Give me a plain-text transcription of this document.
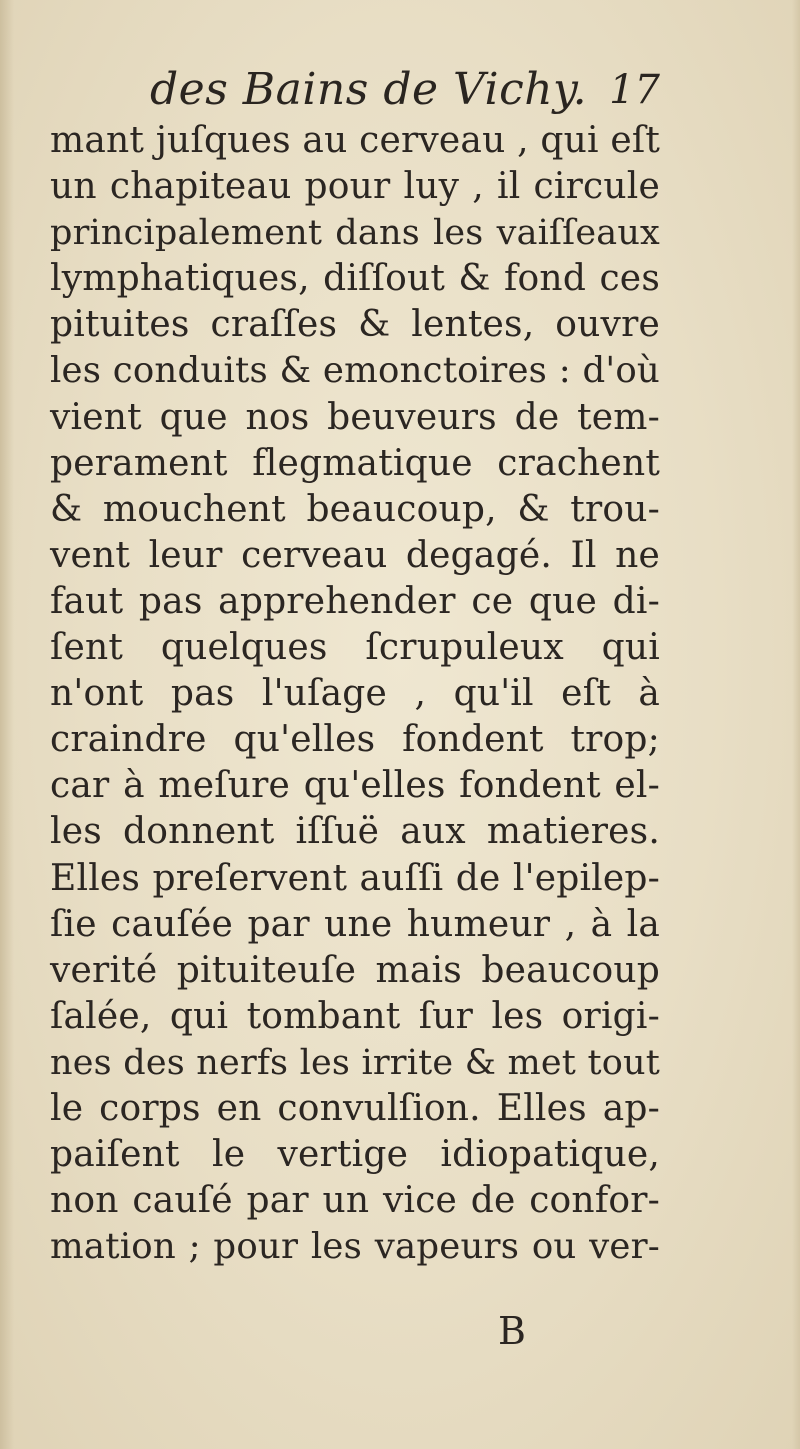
des Bains de Vichy. 17
mant juſques au cerveau , qui eſt
un chapiteau pour luy , il circule
principalement dans les vaiſſeaux
lymphatiques, diſſout & fond ces
pituites craſſes & lentes, ouvre
les conduits & emonctoires : d'où
vient que nos beuveurs de tem-
perament flegmatique crachent
& mouchent beaucoup, & trou-
vent leur cerveau degagé. Il ne
faut pas apprehender ce que di-
ſent quelques ſcrupuleux qui
n'ont pas l'uſage , qu'il eſt à
craindre qu'elles fondent trop;
car à meſure qu'elles fondent el-
les donnent iſſuë aux matieres.
Elles preſervent auſſi de l'epilep-
ſie cauſée par une humeur , à la
verité pituiteuſe mais beaucoup
ſalée, qui tombant ſur les origi-
nes des nerfs les irrite & met tout
le corps en convulſion. Elles ap-
paiſent le vertige idiopatique,
non cauſé par un vice de confor-
mation ; pour les vapeurs ou ver-
B
